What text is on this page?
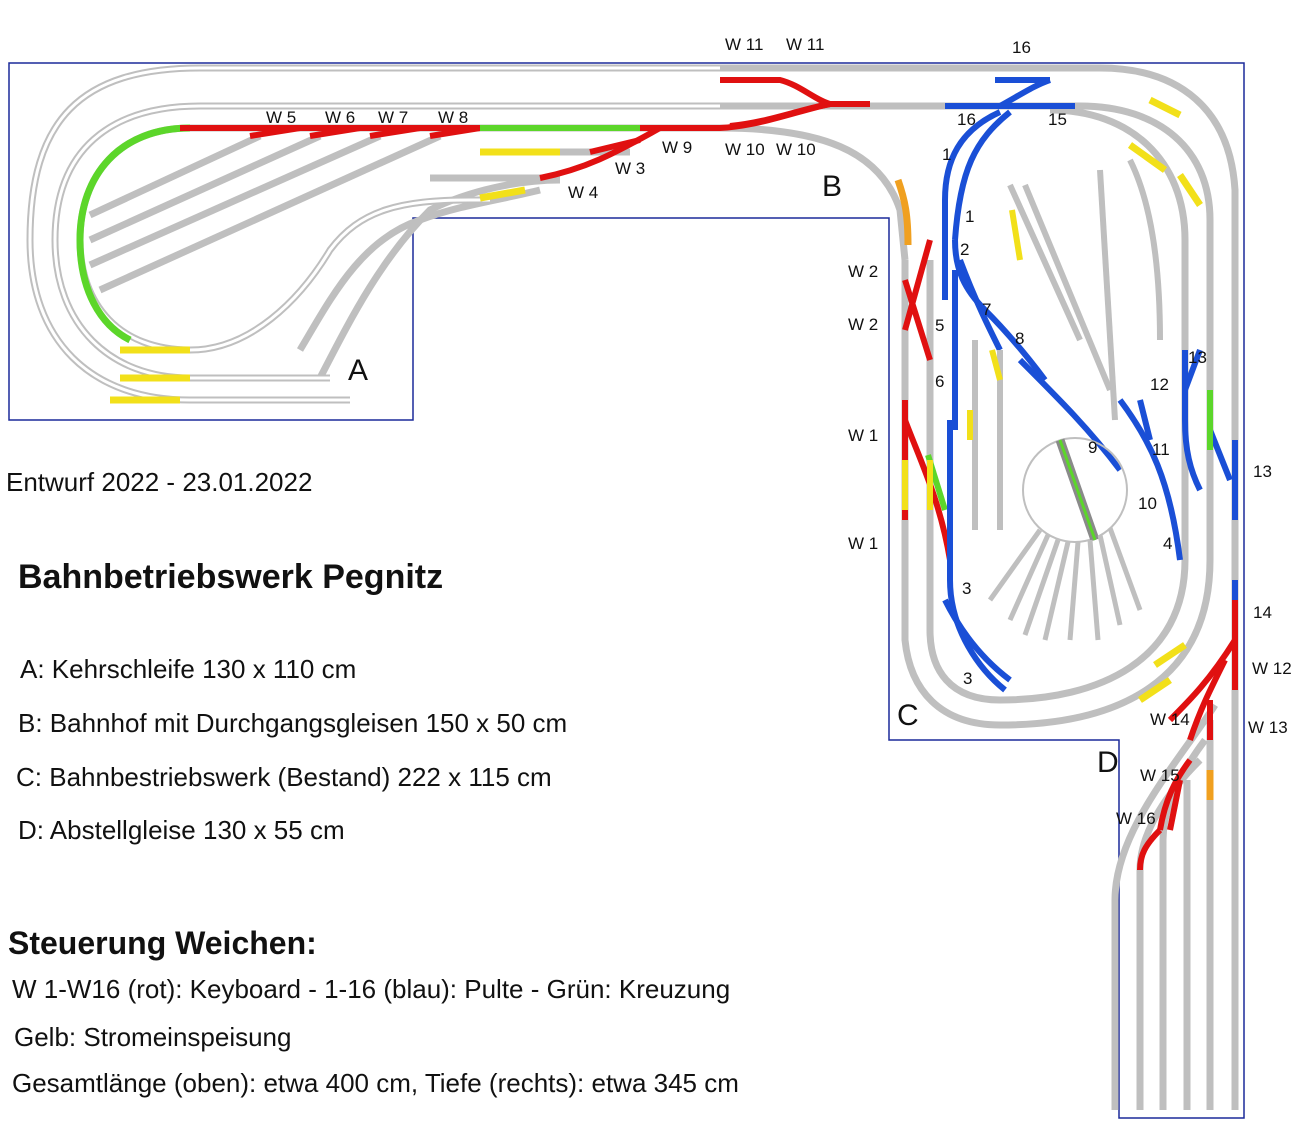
W 11 W 11
W 5 W 6 W 7 W 8
W 9 W 10 W 10
W 3
W 4
W 2
W 2
W 1
W 1
W 12
W 13
W 14
W 15
W 16
16
16	15
1
1
2
5
6
7
8
9
10
11
12
13
13
4
3
3
14
A
B
C
D
Entwurf 2022 - 23.01.2022
Bahnbetriebswerk Pegnitz
A: Kehrschleife 130 x 110 cm
B: Bahnhof mit Durchgangsgleisen 150 x 50 cm
C: Bahnbestriebswerk (Bestand) 222 x 115 cm
D: Abstellgleise 130 x 55 cm
Steuerung Weichen:
W 1-W16 (rot): Keyboard - 1-16 (blau): Pulte - Grün: Kreuzung
Gelb: Stromeinspeisung
Gesamtlänge (oben): etwa 400 cm, Tiefe (rechts): etwa 345 cm
